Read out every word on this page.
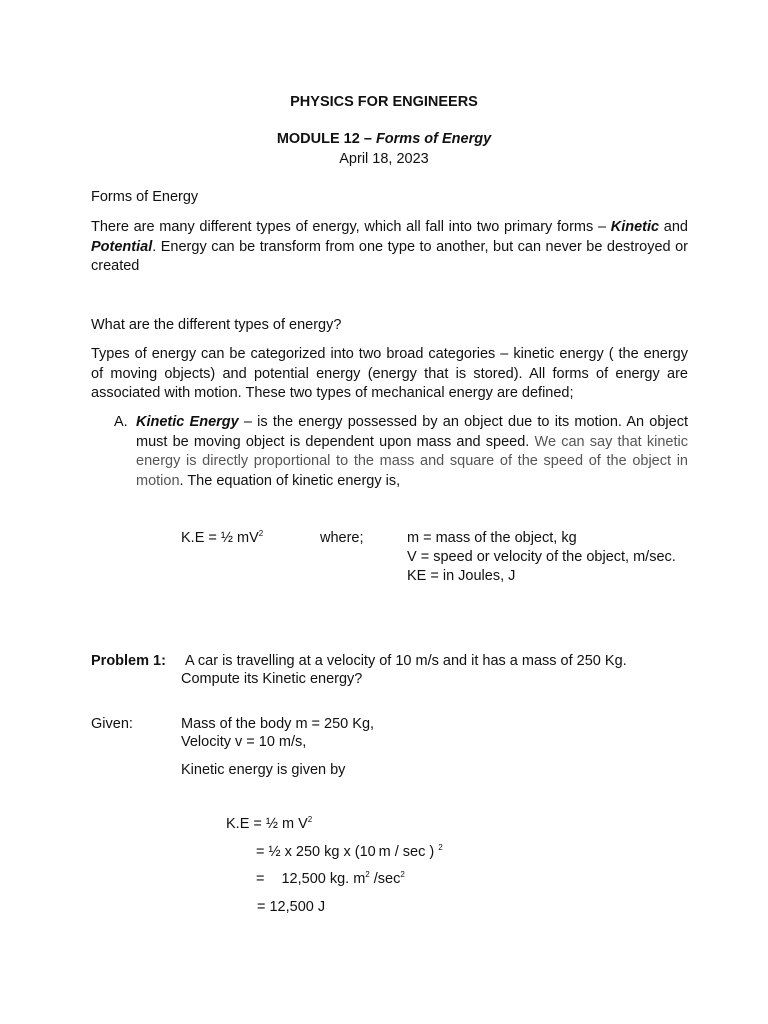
PHYSICS FOR ENGINEERS
MODULE 12 – Forms of Energy
April 18, 2023
Forms of Energy
There are many different types of energy, which all fall into two primary forms – Kinetic and Potential. Energy can be transform from one type to another, but can never be destroyed or created
What are the different types of energy?
Types of energy can be categorized into two broad categories – kinetic energy ( the energy of moving objects) and potential energy (energy that is stored). All forms of energy are associated with motion. These two types of mechanical energy are defined;
A. Kinetic Energy – is the energy possessed by an object due to its motion. An object must be moving object is dependent upon mass and speed. We can say that kinetic energy is directly proportional to the mass and square of the speed of the object in motion. The equation of kinetic energy is,
K.E = ½ $mV^2$	where;	m = mass of the object, kg
V = speed or velocity of the object, m/sec.
KE = in Joules, J
Problem 1: A car is travelling at a velocity of 10 m/s and it has a mass of 250 Kg.
Compute its Kinetic energy?
Given:	Mass of the body m = 250 Kg,
Velocity v = 10 m/s,
Kinetic energy is given by
K.E = ½ m $V^2$
= ½ x 250 kg x (10 m / sec ) $^2$
= 12,500 kg. $m^2$ $/\sec^2$
= 12,500 J
